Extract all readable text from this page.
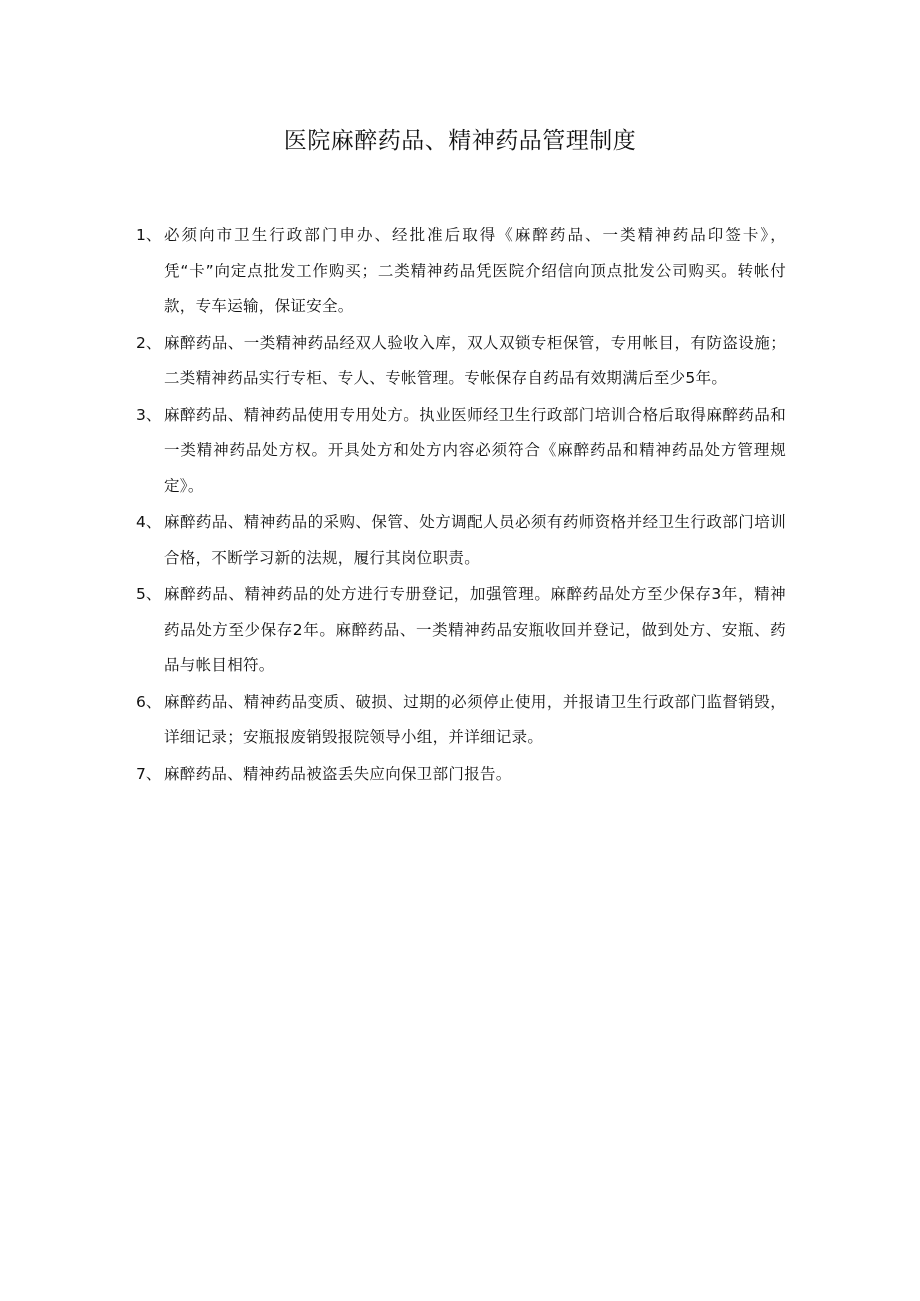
医院麻醉药品、精神药品管理制度
1、 必须向市卫生行政部门申办、经批准后取得《麻醉药品、一类精神药品印签卡》，凭“卡”向定点批发工作购买；二类精神药品凭医院介绍信向顶点批发公司购买。转帐付款，专车运输，保证安全。
2、 麻醉药品、一类精神药品经双人验收入库，双人双锁专柜保管，专用帐目，有防盗设施；二类精神药品实行专柜、专人、专帐管理。专帐保存自药品有效期满后至少5年。
3、 麻醉药品、精神药品使用专用处方。执业医师经卫生行政部门培训合格后取得麻醉药品和一类精神药品处方权。开具处方和处方内容必须符合《麻醉药品和精神药品处方管理规定》。
4、 麻醉药品、精神药品的采购、保管、处方调配人员必须有药师资格并经卫生行政部门培训合格，不断学习新的法规，履行其岗位职责。
5、 麻醉药品、精神药品的处方进行专册登记，加强管理。麻醉药品处方至少保存3年，精神药品处方至少保存2年。麻醉药品、一类精神药品安瓶收回并登记，做到处方、安瓶、药品与帐目相符。
6、 麻醉药品、精神药品变质、破损、过期的必须停止使用，并报请卫生行政部门监督销毁，详细记录；安瓶报废销毁报院领导小组，并详细记录。
7、 麻醉药品、精神药品被盗丢失应向保卫部门报告。
